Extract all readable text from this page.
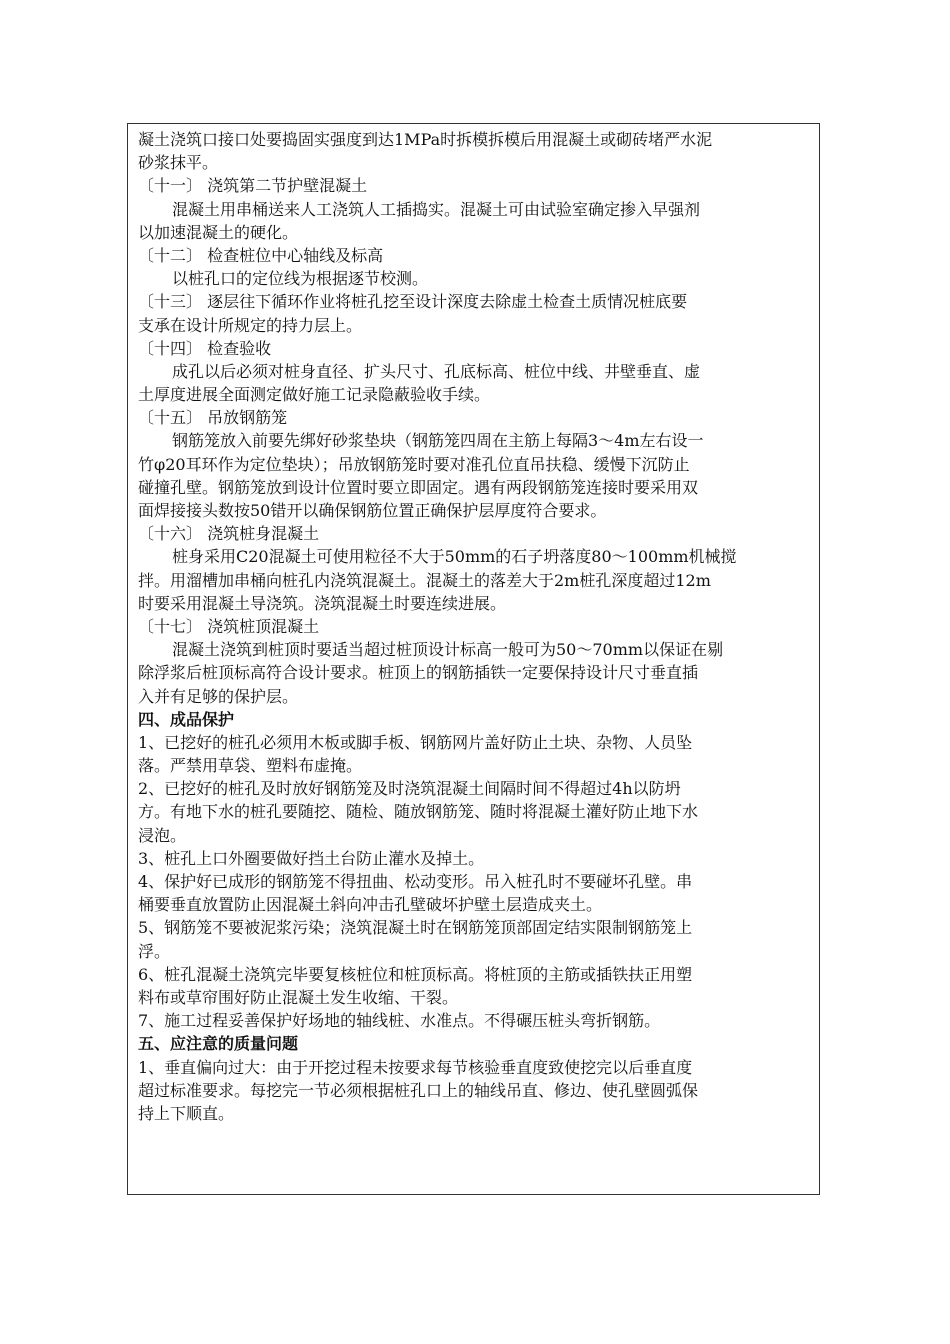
凝土浇筑口接口处要捣固实强度到达1MPa时拆模拆模后用混凝土或砌砖堵严水泥
砂浆抹平。
〔十一〕 浇筑第二节护壁混凝土
混凝土用串桶送来人工浇筑人工插捣实。混凝土可由试验室确定掺入早强剂
以加速混凝土的硬化。
〔十二〕 检查桩位中心轴线及标高
以桩孔口的定位线为根据逐节校测。
〔十三〕 逐层往下循环作业将桩孔挖至设计深度去除虚土检查土质情况桩底要
支承在设计所规定的持力层上。
〔十四〕 检查验收
成孔以后必须对桩身直径、扩头尺寸、孔底标高、桩位中线、井壁垂直、虚
土厚度进展全面测定做好施工记录隐蔽验收手续。
〔十五〕 吊放钢筋笼
钢筋笼放入前要先绑好砂浆垫块（钢筋笼四周在主筋上每隔3～4m左右设一
竹φ20耳环作为定位垫块）；吊放钢筋笼时要对准孔位直吊扶稳、缓慢下沉防止
碰撞孔壁。钢筋笼放到设计位置时要立即固定。遇有两段钢筋笼连接时要采用双
面焊接接头数按50错开以确保钢筋位置正确保护层厚度符合要求。
〔十六〕 浇筑桩身混凝土
桩身采用C20混凝土可使用粒径不大于50mm的石子坍落度80～100mm机械搅
拌。用溜槽加串桶向桩孔内浇筑混凝土。混凝土的落差大于2m桩孔深度超过12m
时要采用混凝土导浇筑。浇筑混凝土时要连续进展。
〔十七〕 浇筑桩顶混凝土
混凝土浇筑到桩顶时要适当超过桩顶设计标高一般可为50～70mm以保证在剔
除浮浆后桩顶标高符合设计要求。桩顶上的钢筋插铁一定要保持设计尺寸垂直插
入并有足够的保护层。
四、成品保护
1、已挖好的桩孔必须用木板或脚手板、钢筋网片盖好防止土块、杂物、人员坠
落。严禁用草袋、塑料布虚掩。
2、已挖好的桩孔及时放好钢筋笼及时浇筑混凝土间隔时间不得超过4h以防坍
方。有地下水的桩孔要随挖、随检、随放钢筋笼、随时将混凝土灌好防止地下水
浸泡。
3、桩孔上口外圈要做好挡土台防止灌水及掉土。
4、保护好已成形的钢筋笼不得扭曲、松动变形。吊入桩孔时不要碰坏孔壁。串
桶要垂直放置防止因混凝土斜向冲击孔壁破坏护壁土层造成夹土。
5、钢筋笼不要被泥浆污染；浇筑混凝土时在钢筋笼顶部固定结实限制钢筋笼上
浮。
6、桩孔混凝土浇筑完毕要复核桩位和桩顶标高。将桩顶的主筋或插铁扶正用塑
料布或草帘围好防止混凝土发生收缩、干裂。
7、施工过程妥善保护好场地的轴线桩、水准点。不得碾压桩头弯折钢筋。
五、应注意的质量问题
1、垂直偏向过大：由于开挖过程未按要求每节核验垂直度致使挖完以后垂直度
超过标准要求。每挖完一节必须根据桩孔口上的轴线吊直、修边、使孔壁圆弧保
持上下顺直。
